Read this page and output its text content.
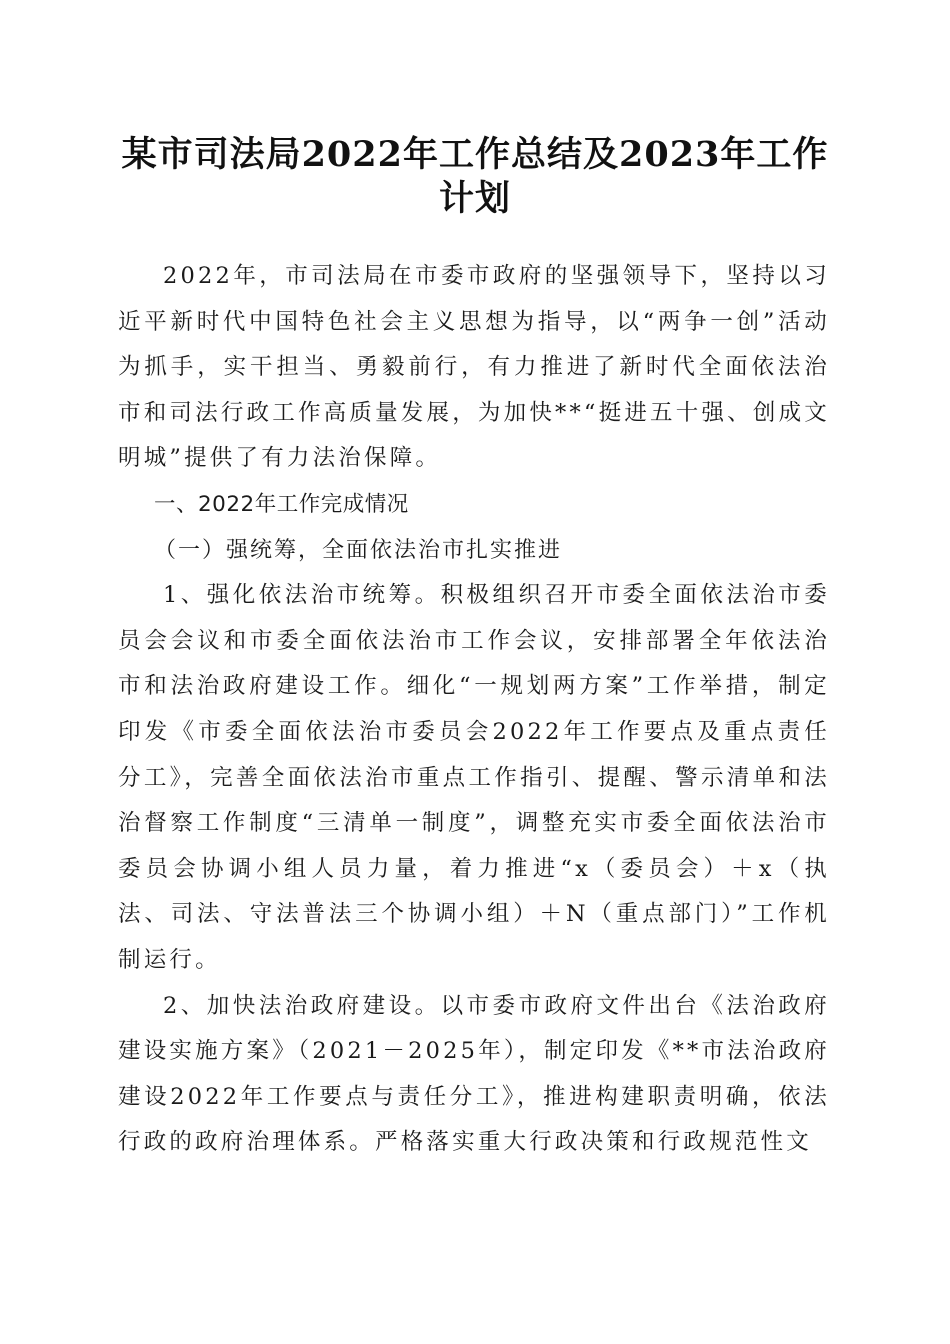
某市司法局2022年工作总结及2023年工作计划

2022年，市司法局在市委市政府的坚强领导下，坚持以习近平新时代中国特色社会主义思想为指导，以“两争一创”活动为抓手，实干担当、勇毅前行，有力推进了新时代全面依法治市和司法行政工作高质量发展，为加快**“挺进五十强、创成文明城”提供了有力法治保障。

一、2022年工作完成情况

（一）强统筹，全面依法治市扎实推进

1、强化依法治市统筹。积极组织召开市委全面依法治市委员会会议和市委全面依法治市工作会议，安排部署全年依法治市和法治政府建设工作。细化“一规划两方案”工作举措，制定印发《市委全面依法治市委员会2022年工作要点及重点责任分工》，完善全面依法治市重点工作指引、提醒、警示清单和法治督察工作制度“三清单一制度”，调整充实市委全面依法治市委员会协调小组人员力量，着力推进“x（委员会）＋x（执法、司法、守法普法三个协调小组）＋N（重点部门）”工作机制运行。

2、加快法治政府建设。以市委市政府文件出台《法治政府建设实施方案》（2021－2025年），制定印发《**市法治政府建设2022年工作要点与责任分工》，推进构建职责明确，依法行政的政府治理体系。严格落实重大行政决策和行政规范性文
